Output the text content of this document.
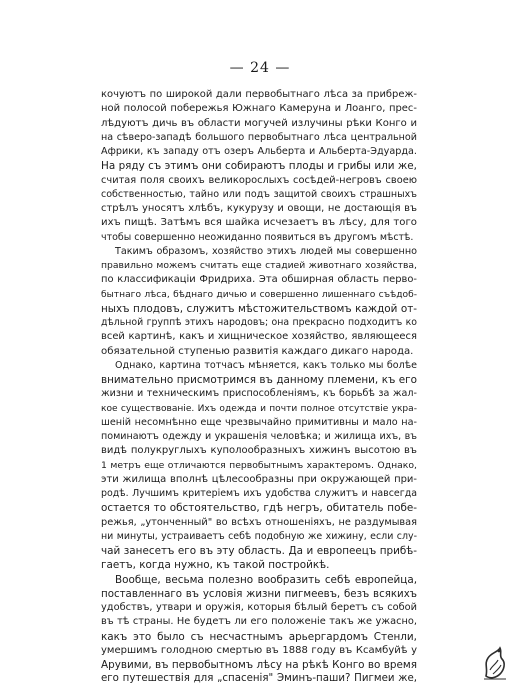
— 24 —
кочуютъ по широкой дали первобытнаго лѣса за прибреж-
ной полосой побережья Южнаго Камеруна и Лоанго, прес-
лѣдуютъ дичь въ области могучей излучины рѣки Конго и
на сѣверо-западѣ большого первобытнаго лѣса центральной
Африки, къ западу отъ озеръ Альберта и Альберта-Эдуарда.
На ряду съ этимъ они собираютъ плоды и грибы или же,
считая поля своихъ великорослыхъ сосѣдей-негровъ своею
собственностью, тайно или подъ защитой своихъ страшныхъ
стрѣлъ уносятъ хлѣбъ, кукурузу и овощи, не достающія въ
ихъ пищѣ. Затѣмъ вся шайка исчезаетъ въ лѣсу, для того
чтобы совершенно неожиданно появиться въ другомъ мѣстѣ.
Такимъ образомъ, хозяйство этихъ людей мы совершенно
правильно можемъ считать еще стадией животнаго хозяйства,
по классификаціи Фридриха. Эта обширная область перво-
бытнаго лѣса, бѣднаго дичью и совершенно лишеннаго съѣдоб-
ныхъ плодовъ, служитъ мѣстожительствомъ каждой от-
дѣльной группѣ этихъ народовъ; она прекрасно подходитъ ко
всей картинѣ, какъ и хищническое хозяйство, являющееся
обязательной ступенью развитія каждаго дикаго народа.
Однако, картина тотчасъ мѣняется, какъ только мы болѣе
внимательно присмотримся въ данному племени, къ его
жизни и техническимъ приспособленіямъ, къ борьбѣ за жал-
кое существованіе. Ихъ одежда и почти полное отсутствіе укра-
шеній несомнѣнно еще чрезвычайно примитивны и мало на-
поминаютъ одежду и украшенія человѣка; и жилища ихъ, въ
видѣ полукруглыхъ куполообразныхъ хижинъ высотою въ
1 метръ еще отличаются первобытнымъ характеромъ. Однако,
эти жилища вполнѣ цѣлесообразны при окружающей при-
родѣ. Лучшимъ критеріемъ ихъ удобства служитъ и навсегда
остается то обстоятельство, гдѣ негръ, обитатель побе-
режья, „утонченный" во всѣхъ отношеніяхъ, не раздумывая
ни минуты, устраиваетъ себѣ подобную же хижину, если слу-
чай занесетъ его въ эту область. Да и европеецъ прибѣ-
гаетъ, когда нужно, къ такой постройкѣ.
Вообще, весьма полезно вообразить себѣ европейца,
поставленнаго въ условія жизни пигмеевъ, безъ всякихъ
удобствъ, утвари и оружія, которыя бѣлый беретъ съ собой
въ тѣ страны. Не будетъ ли его положеніе такъ же ужасно,
какъ это было съ несчастнымъ арьергардомъ Стенли,
умершимъ голодною смертью въ 1888 году въ Ксамбуйѣ у
Арувими, въ первобытномъ лѣсу на рѣкѣ Конго во время
его путешествія для „спасенія" Эминъ-паши? Пигмеи же,
